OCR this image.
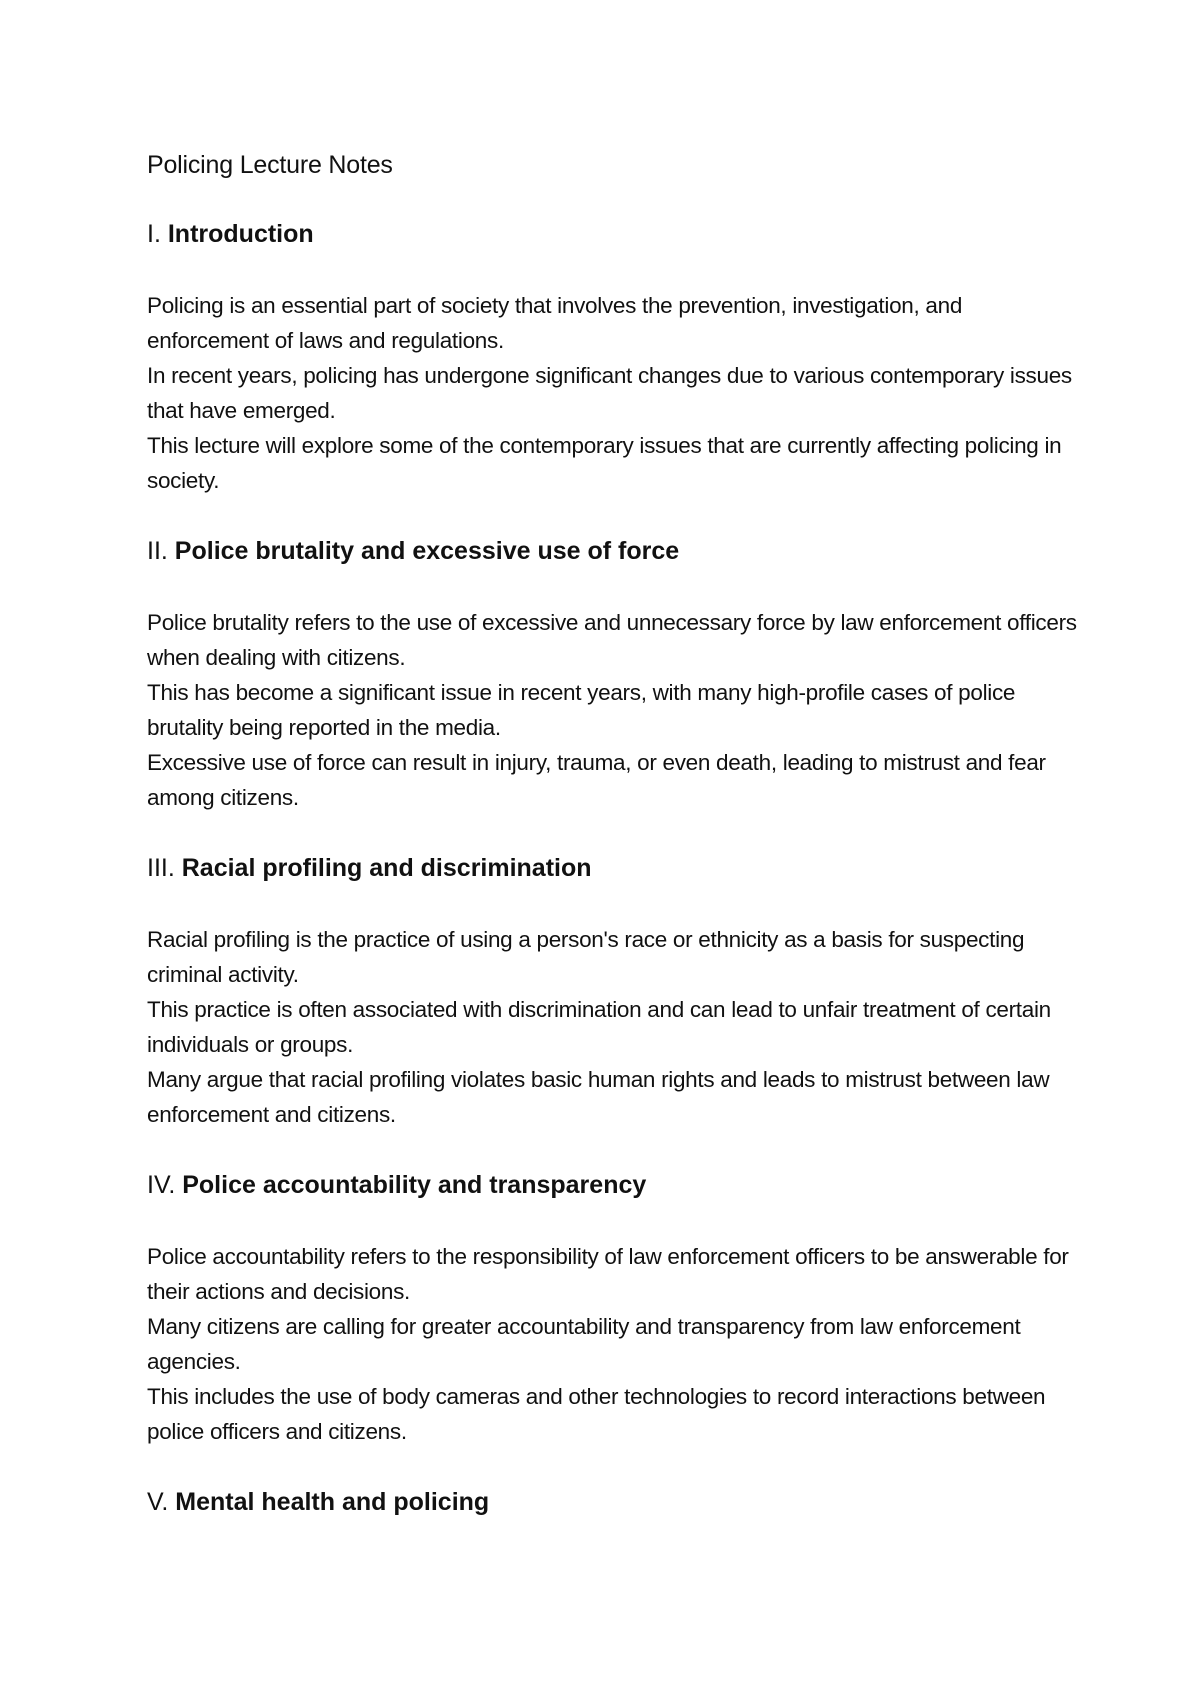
Policing Lecture Notes
I. Introduction

Policing is an essential part of society that involves the prevention, investigation, and enforcement of laws and regulations.

In recent years, policing has undergone significant changes due to various contemporary issues that have emerged.

This lecture will explore some of the contemporary issues that are currently affecting policing in society.

II. Police brutality and excessive use of force

Police brutality refers to the use of excessive and unnecessary force by law enforcement officers when dealing with citizens.

This has become a significant issue in recent years, with many high-profile cases of police brutality being reported in the media.

Excessive use of force can result in injury, trauma, or even death, leading to mistrust and fear among citizens.

III. Racial profiling and discrimination

Racial profiling is the practice of using a person's race or ethnicity as a basis for suspecting criminal activity.

This practice is often associated with discrimination and can lead to unfair treatment of certain individuals or groups.

Many argue that racial profiling violates basic human rights and leads to mistrust between law enforcement and citizens.

IV. Police accountability and transparency

Police accountability refers to the responsibility of law enforcement officers to be answerable for their actions and decisions.

Many citizens are calling for greater accountability and transparency from law enforcement agencies.

This includes the use of body cameras and other technologies to record interactions between police officers and citizens.

V. Mental health and policing
